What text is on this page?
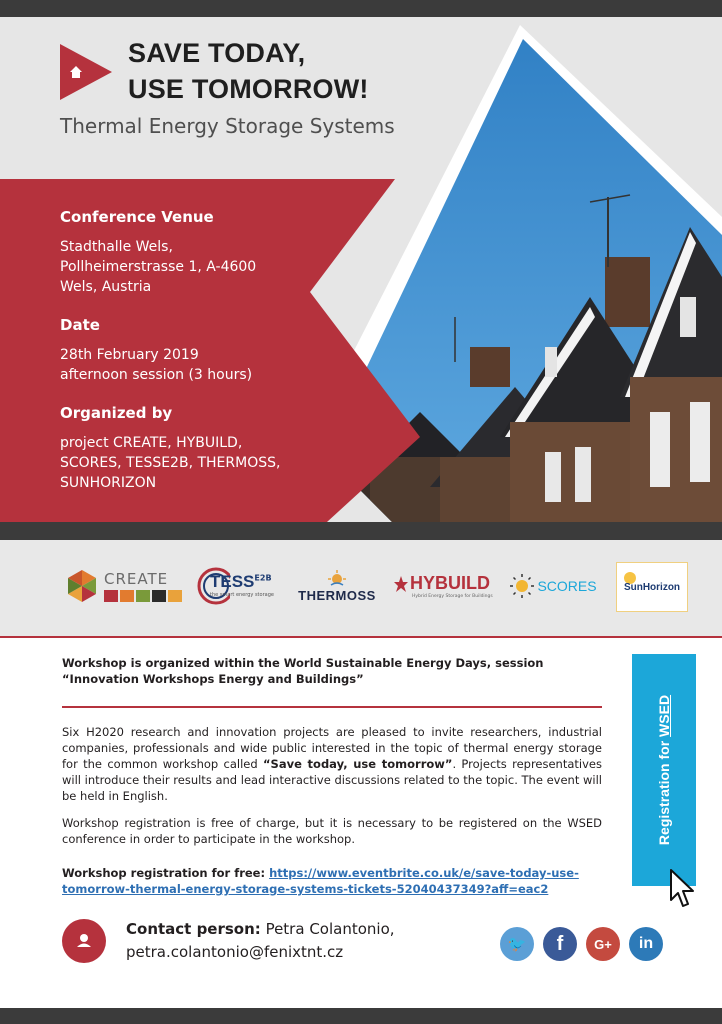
SAVE TODAY,
USE TOMORROW!
Thermal Energy Storage Systems
Conference Venue
Stadthalle Wels,
Pollheimerstrasse 1, A-4600
Wels, Austria
Date
28th February 2019
afternoon session (3 hours)
Organized by
project CREATE, HYBUILD,
SCORES, TESSE2B, THERMOSS,
SUNHORIZON
CREATE	$TESS^{E2B}$
the smart energy storage THERMOSS
HYBUILD
Hybrid Energy Storage for Buildings
SCORES	SunHorizon
Workshop is organized within the World Sustainable Energy Days, session “Innovation Workshops Energy and Buildings”
Six H2020 research and innovation projects are pleased to invite researchers, industrial companies, professionals and wide public interested in the topic of thermal energy storage for the common workshop called “Save today, use tomorrow”. Projects representatives will introduce their results and lead interactive discussions related to the topic. The event will be held in English.
Workshop registration is free of charge, but it is necessary to be registered on the WSED conference in order to participate in the workshop.
Workshop registration for free: https://www.eventbrite.co.uk/e/save-today-use-tomorrow-thermal-energy-storage-systems-tickets-52040437349?aff=eac2
Registration for WSED
Contact person: Petra Colantonio,
petra.colantonio@fenixtnt.cz	🐦	f	G+	in
